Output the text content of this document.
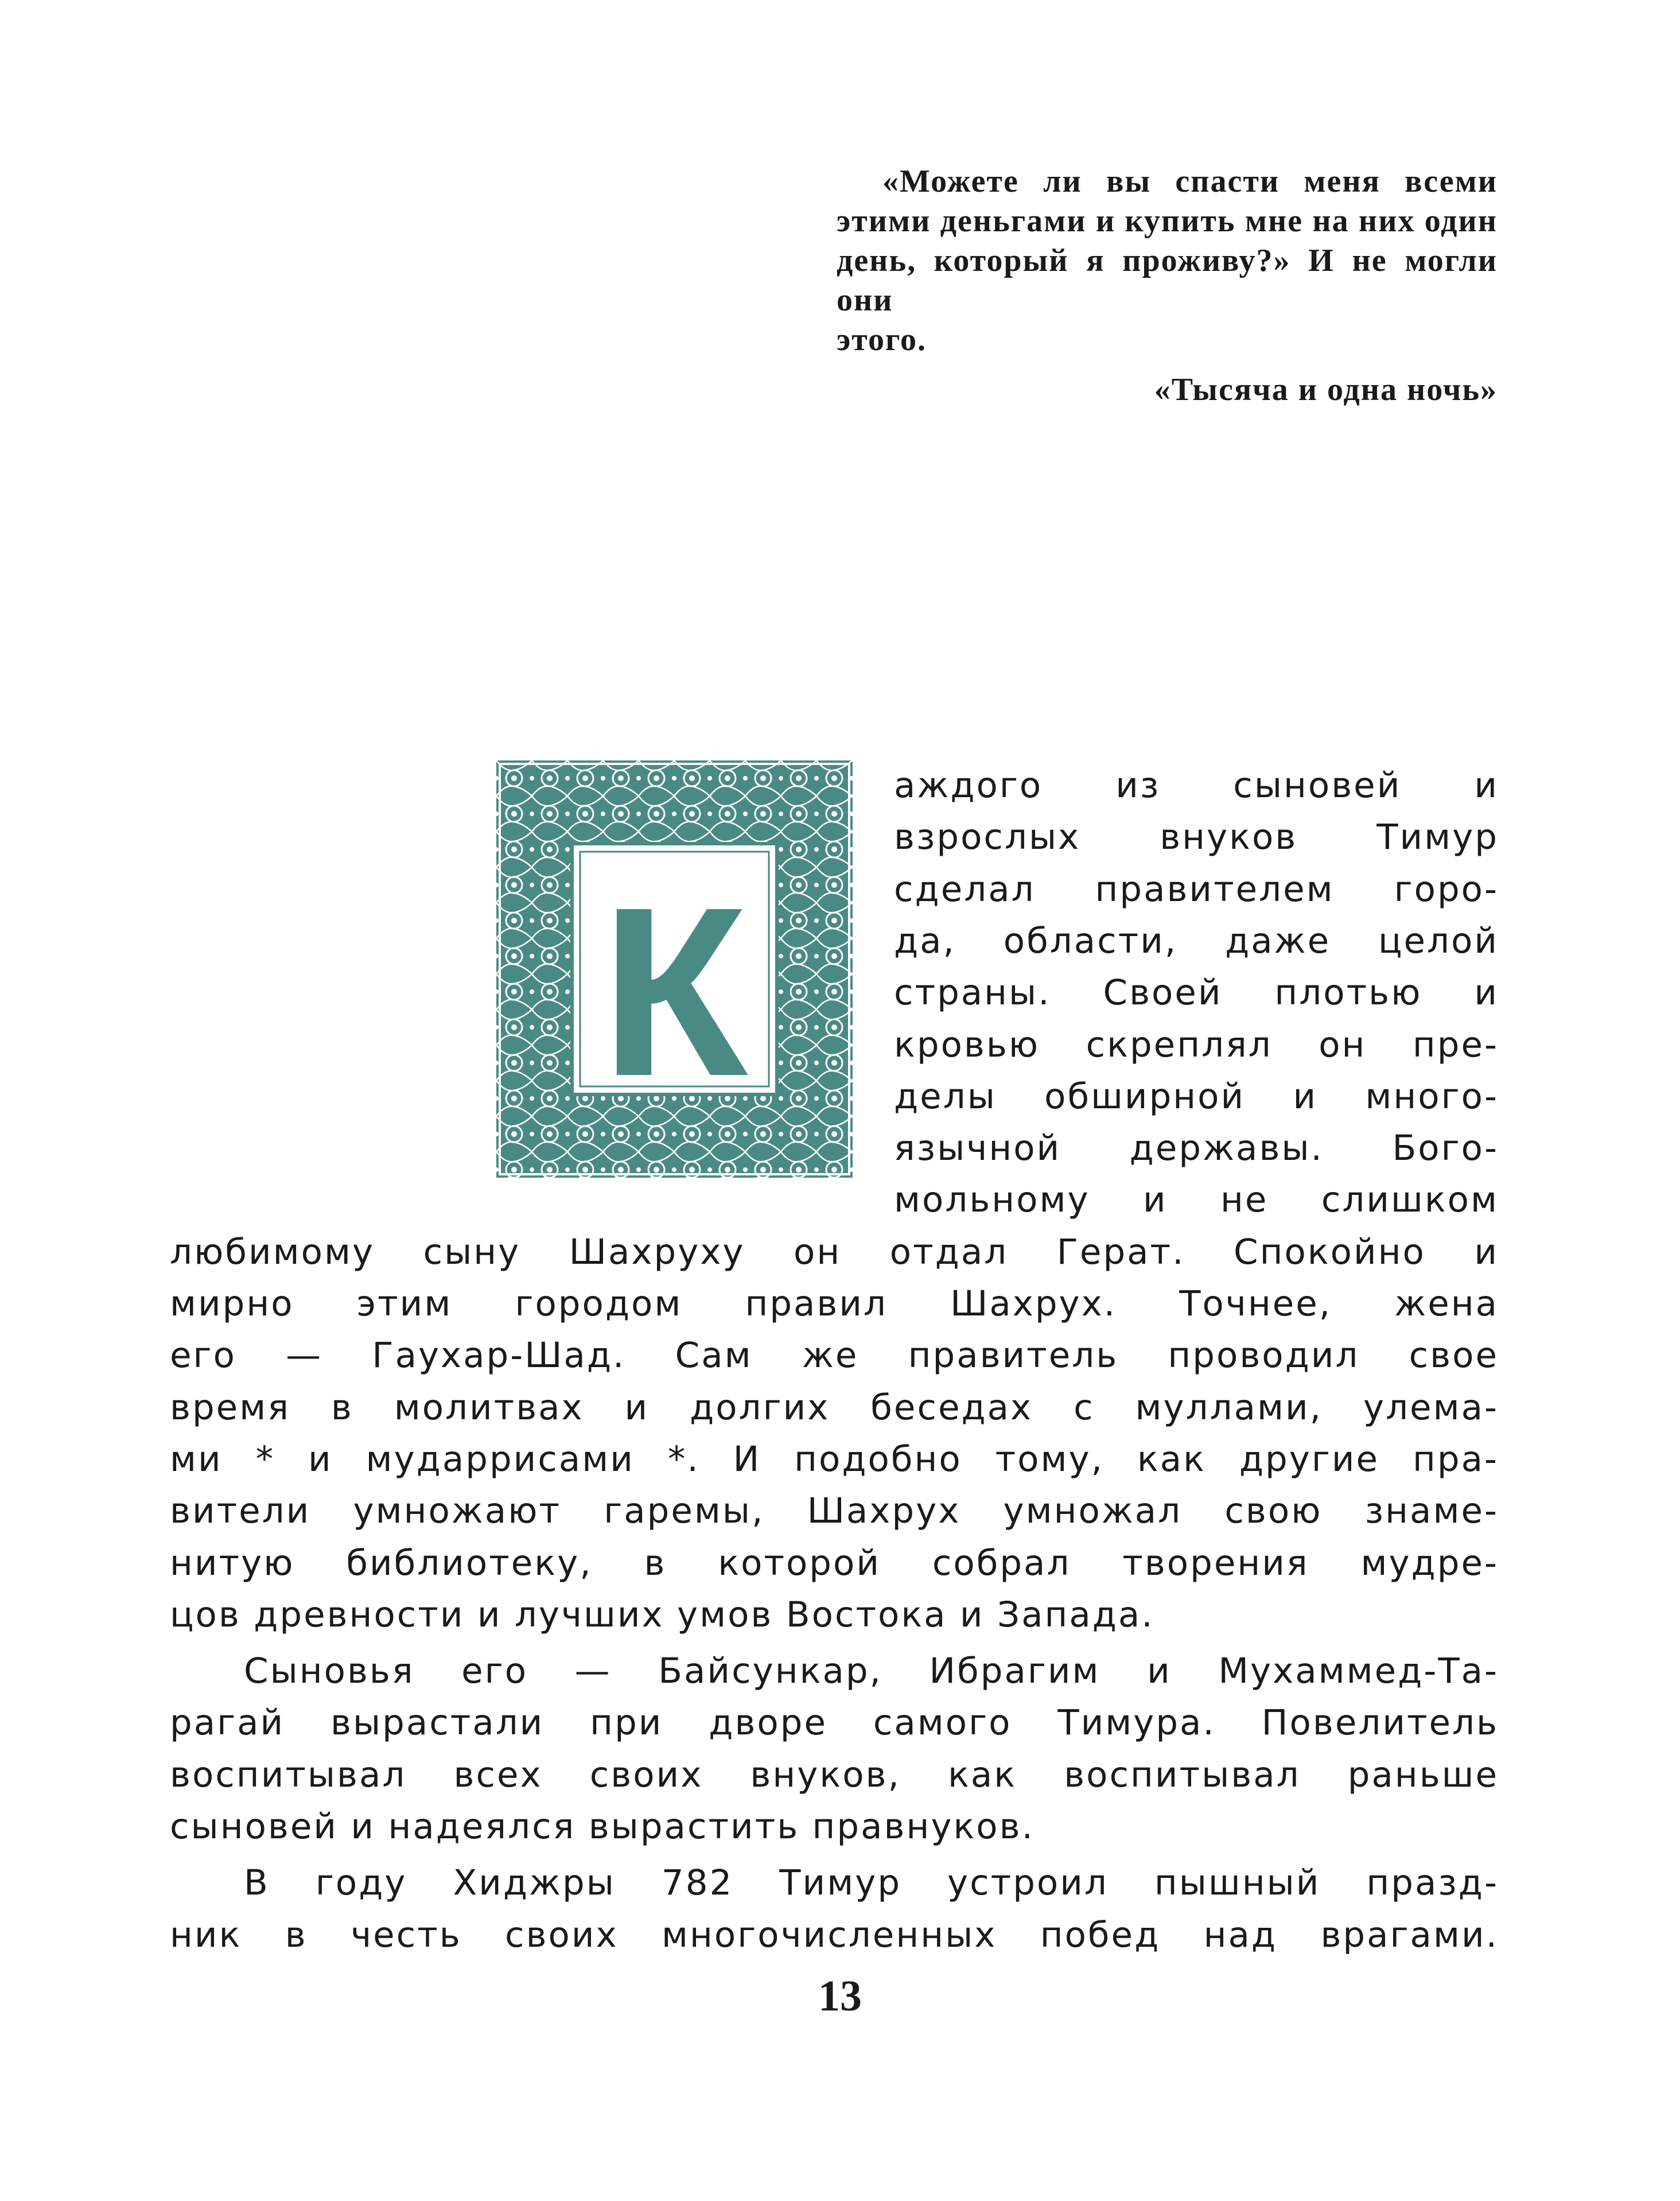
«Можете ли вы спасти меня всеми этими деньгами и купить мне на них один день, который я проживу?» И не могли они

этого.

«Тысяча и одна ночь»

К
аждого из сыновей и
взрослых внуков Тимур
сделал правителем горо-
да, области, даже целой
страны. Своей плотью и
кровью скреплял он пре-
делы обширной и много-
язычной державы. Бого-
мольному и не слишком
любимому сыну Шахруху он отдал Герат. Спокойно и
мирно этим городом правил Шахрух. Точнее, жена
его — Гаухар-Шад. Сам же правитель проводил свое
время в молитвах и долгих беседах с муллами, улема-
ми * и мударрисами *. И подобно тому, как другие пра-
вители умножают гаремы, Шахрух умножал свою знаме-
нитую библиотеку, в которой собрал творения мудре-
цов древности и лучших умов Востока и Запада.
Сыновья его — Байсункар, Ибрагим и Мухаммед-Та-
рагай вырастали при дворе самого Тимура. Повелитель
воспитывал всех своих внуков, как воспитывал раньше
сыновей и надеялся вырастить правнуков.
В году Хиджры 782 Тимур устроил пышный празд-
ник в честь своих многочисленных побед над врагами.
13
